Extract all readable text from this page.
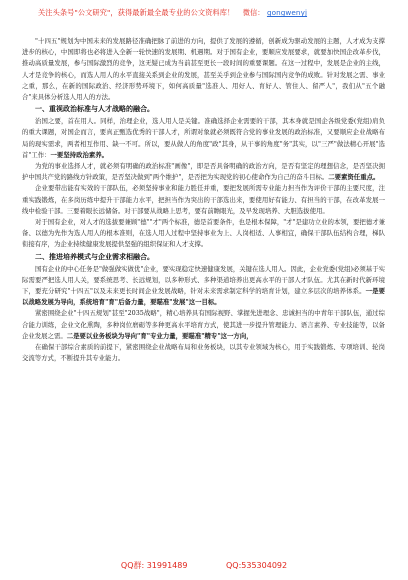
关注头条号"公文研究"，获得最新最全最专业的公文资料库！ 微信： gongwenyj

"十四五"规划为中国未来的发展路径准确把脉了前进的方向，提供了发展的遵循，创新成为驱动发展的主题，人才成为支撑进步的核心，中国即将也必将进入全新一轮快速的发展期、机遇期。对于国有企业，要顺应发展要求，就要加快国企改革步伐，推动高质量发展，参与国际激烈的竞争，这无疑已成为当前甚至更长一段时间的重要课题。在这一过程中，发展是企业的主线，人才是竞争的核心，而选人用人的水平直接关系到企业的发展，甚至关乎到企业参与国际国内竞争的成败。针对发展之需、事业之重，那么，在新的国际政治、经济形势环境下，如何高质量"选准人、用好人、育好人、管住人、留严人"，我们从"五个融合"来具体分析选人用人的方法。

一、重视政治标准与人才战略的融合。

治国之要，首在用人。同样，治理企业，选人用人是关键。准确选择企业需要的干部，其本身就是国企各级党委(党组)肩负的重大课题，对国企而言，要真正甄选优秀的干部人才，所谓对象就必须既符合党的事业发展的政治标准，又要顺应企业战略布局的现实需求，两者相互作用、缺一不可。所以，要从做人的角度"政"其身，从干事的角度"务"其实，以"三严"做法精心开展"选首"工作：一要坚持政治素养。

为党的事业选择人才，就必须有明确的政治标准"画像"，即是否具备明确的政治方向，是否有坚定的理想信念，是否坚决拥护中国共产党的路线方针政策，是否坚决做到"两个维护"，是否把为实现党的初心使命作为自己的奋斗目标。二要素资任重点。

企业要带出能有实效的干部队伍，必须坚持事业和能力胜任并重，要把发展所需专业能力担当作为评价干部的主要尺度，注重实践锻炼，在多岗历练中提升干部能力水平，把担当作为突出的干部选出来，要使用好有能力、有担当的干部，在改革发展一线中检验干部。三要着眼长远储备。对干部要从战略上思考，要有前瞻眼光，及早发现培养、大胆选拔使用。

对于国有企业，对人才的选拔要兼顾"德""才"两个标准，德是首要条件，也是根本保障，"才"是建功立业的本领，要把德才兼备、以德为先作为选人用人的根本准则，在选人用人过程中坚持事业为上、人岗相适、人事相宜，确保干部队伍结构合理，梯队衔接有序，为企业持续健康发展提供坚强的组织保证和人才支撑。

二、推进培养模式与企业需求相融合。

国有企业的中心任务是"做强做实做优"企业，要实现稳定快速健康发展，关键在选人用人。因此，企业党委(党组)必须基于实际需要严把选人用人关，要系统思考、长远规划，以多种形式、多种渠道培养出更高水平的干部人才队伍。尤其在新时代新环境下，要充分研究"十四五"以及未来更长时间企业发展战略，针对未来需求制定科学的培育计划，建立多层次的培养体系。一是要以战略发展为导向，系统培育"育"后备力量，要瞄准"发展"这一目标。

紧密围绕企业"十四五规划"甚至"2035战略"，精心培养具有国际视野、掌握先进理念、忠诚担当的中青年干部队伍，通过综合能力训练，企业文化熏陶，多种岗位磨砺等多种更高水平培育方式，使其进一步提升管理能力、语言素养、专业技能等，以备企业发展之需。二是要以业务板块为导向"育"专业力量，要瞄准"精专"这一方向，

在确保干部综合素质的前提下，紧密围绕企业战略布局和业务板块，以其专业领域为核心，用于实践锻炼、专项培训、轮岗交流等方式，不断提升其专业能力。

QQ群: 31991489	QQ:535304092
